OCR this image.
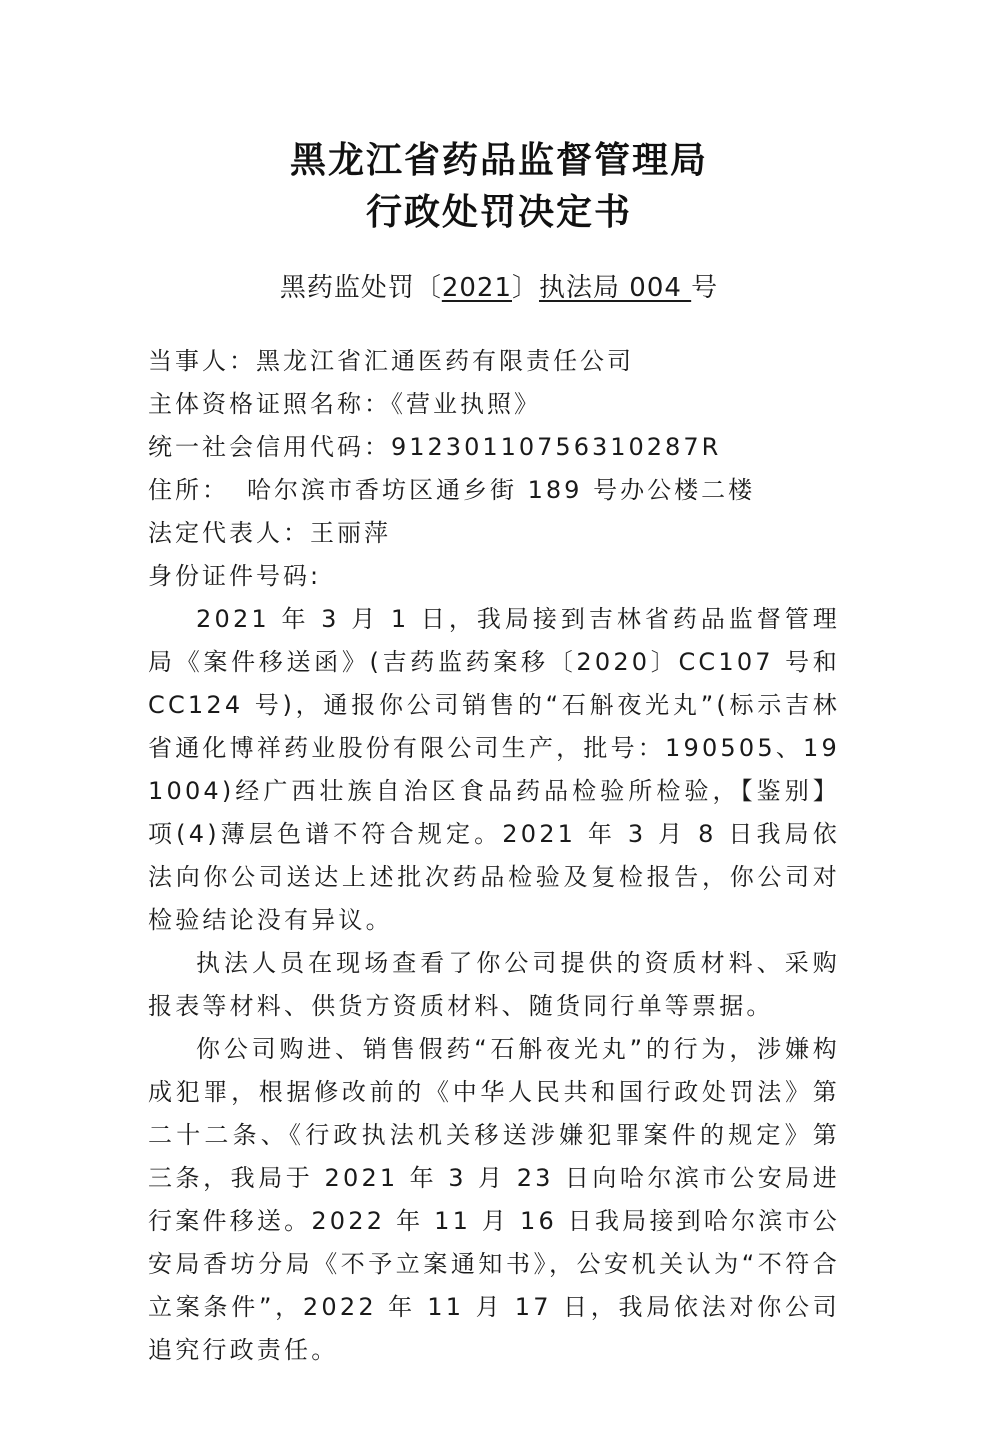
黑龙江省药品监督管理局
行政处罚决定书
黑药监处罚〔2021〕执法局 004 号
当事人：黑龙江省汇通医药有限责任公司
主体资格证照名称：《营业执照》
统一社会信用代码：91230110756310287R
住所： 哈尔滨市香坊区通乡街 189 号办公楼二楼
法定代表人：王丽萍
身份证件号码:

2021 年 3 月 1 日，我局接到吉林省药品监督管理局《案件移送函》(吉药监药案移〔2020〕CC107 号和 CC124 号)，通报你公司销售的“石斛夜光丸”(标示吉林省通化博祥药业股份有限公司生产，批号：190505、191004)经广西壮族自治区食品药品检验所检验，【鉴别】项(4)薄层色谱不符合规定。2021 年 3 月 8 日我局依法向你公司送达上述批次药品检验及复检报告，你公司对检验结论没有异议。

执法人员在现场查看了你公司提供的资质材料、采购报表等材料、供货方资质材料、随货同行单等票据。

你公司购进、销售假药“石斛夜光丸”的行为，涉嫌构成犯罪，根据修改前的《中华人民共和国行政处罚法》第二十二条、《行政执法机关移送涉嫌犯罪案件的规定》第三条，我局于 2021 年 3 月 23 日向哈尔滨市公安局进行案件移送。2022 年 11 月 16 日我局接到哈尔滨市公安局香坊分局《不予立案通知书》，公安机关认为“不符合立案条件”，2022 年 11 月 17 日，我局依法对你公司追究行政责任。
